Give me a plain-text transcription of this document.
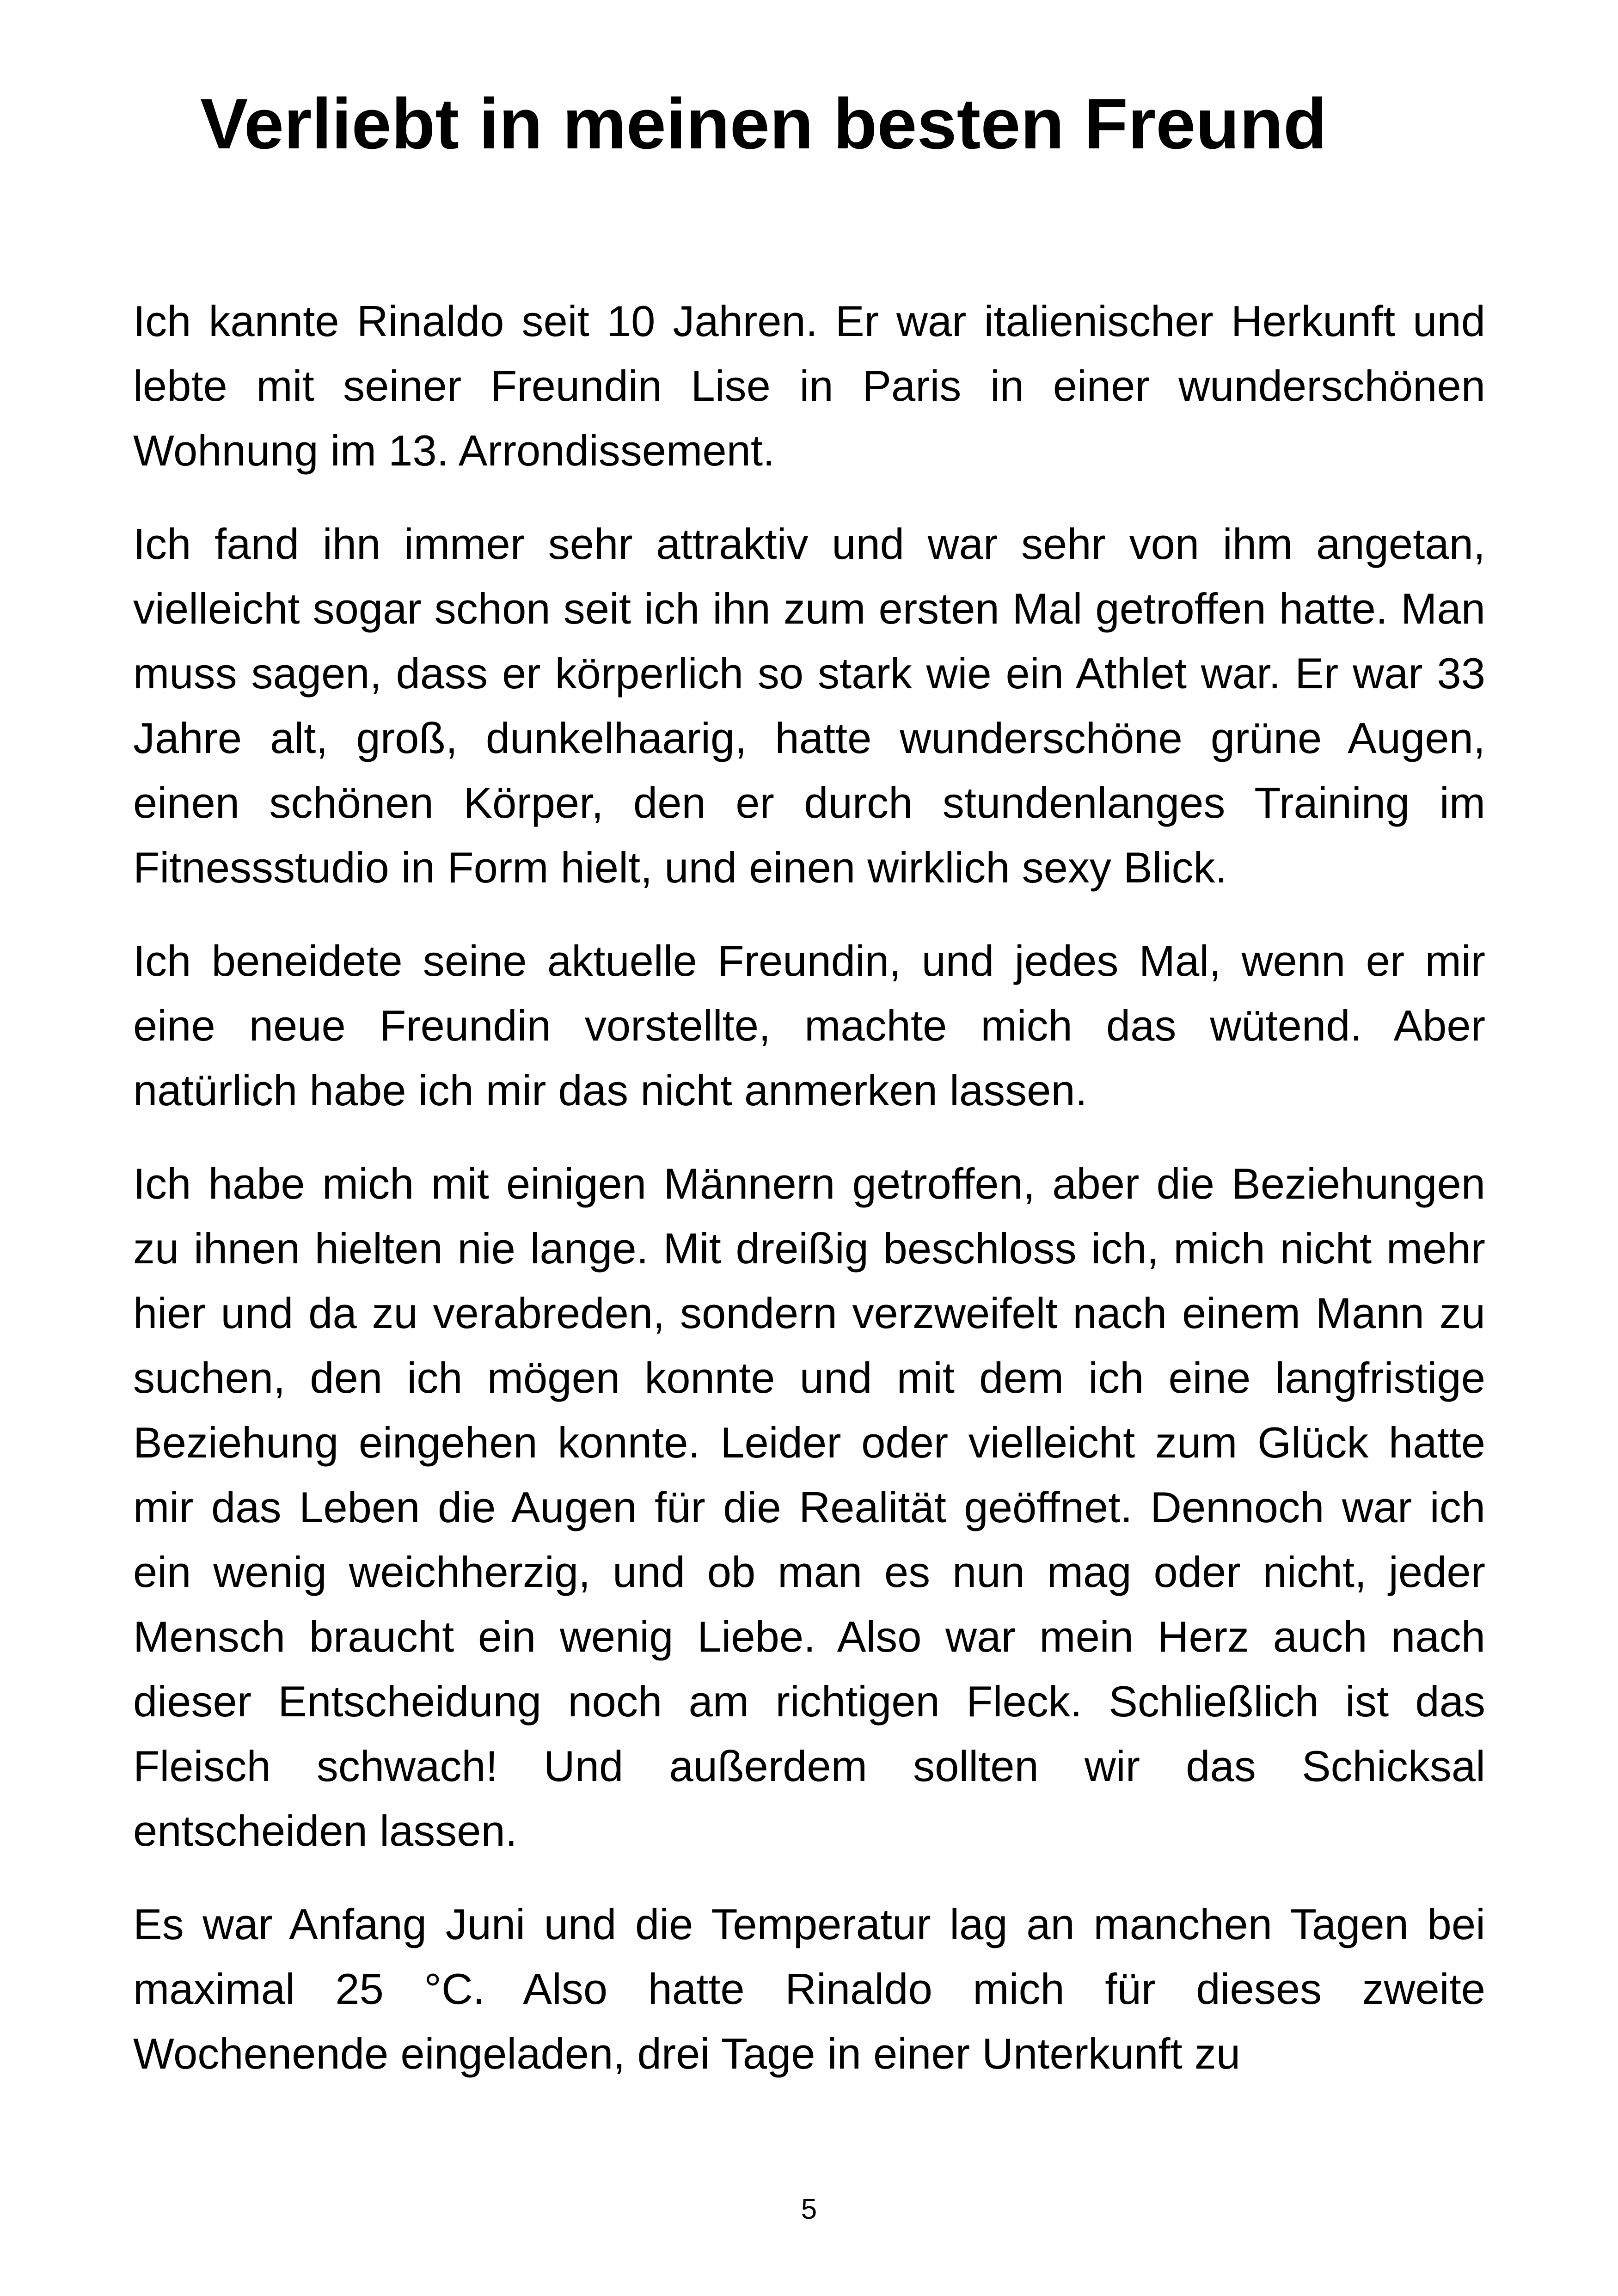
Verliebt in meinen besten Freund

Ich kannte Rinaldo seit 10 Jahren. Er war italienischer Herkunft und lebte mit seiner Freundin Lise in Paris in einer wunderschönen Wohnung im 13. Arrondissement.

Ich fand ihn immer sehr attraktiv und war sehr von ihm angetan, vielleicht sogar schon seit ich ihn zum ersten Mal getroffen hatte. Man muss sagen, dass er körperlich so stark wie ein Athlet war. Er war 33 Jahre alt, groß, dunkelhaarig, hatte wunderschöne grüne Augen, einen schönen Körper, den er durch stundenlanges Training im Fitnessstudio in Form hielt, und einen wirklich sexy Blick.

Ich beneidete seine aktuelle Freundin, und jedes Mal, wenn er mir eine neue Freundin vorstellte, machte mich das wütend. Aber natürlich habe ich mir das nicht anmerken lassen.

Ich habe mich mit einigen Männern getroffen, aber die Beziehungen zu ihnen hielten nie lange. Mit dreißig beschloss ich, mich nicht mehr hier und da zu verabreden, sondern verzweifelt nach einem Mann zu suchen, den ich mögen konnte und mit dem ich eine langfristige Beziehung eingehen konnte. Leider oder vielleicht zum Glück hatte mir das Leben die Augen für die Realität geöffnet. Dennoch war ich ein wenig weichherzig, und ob man es nun mag oder nicht, jeder Mensch braucht ein wenig Liebe. Also war mein Herz auch nach dieser Entscheidung noch am richtigen Fleck. Schließlich ist das Fleisch schwach! Und außerdem sollten wir das Schicksal entscheiden lassen.

Es war Anfang Juni und die Temperatur lag an manchen Tagen bei maximal 25 °C. Also hatte Rinaldo mich für dieses zweite Wochenende eingeladen, drei Tage in einer Unterkunft zu

5
